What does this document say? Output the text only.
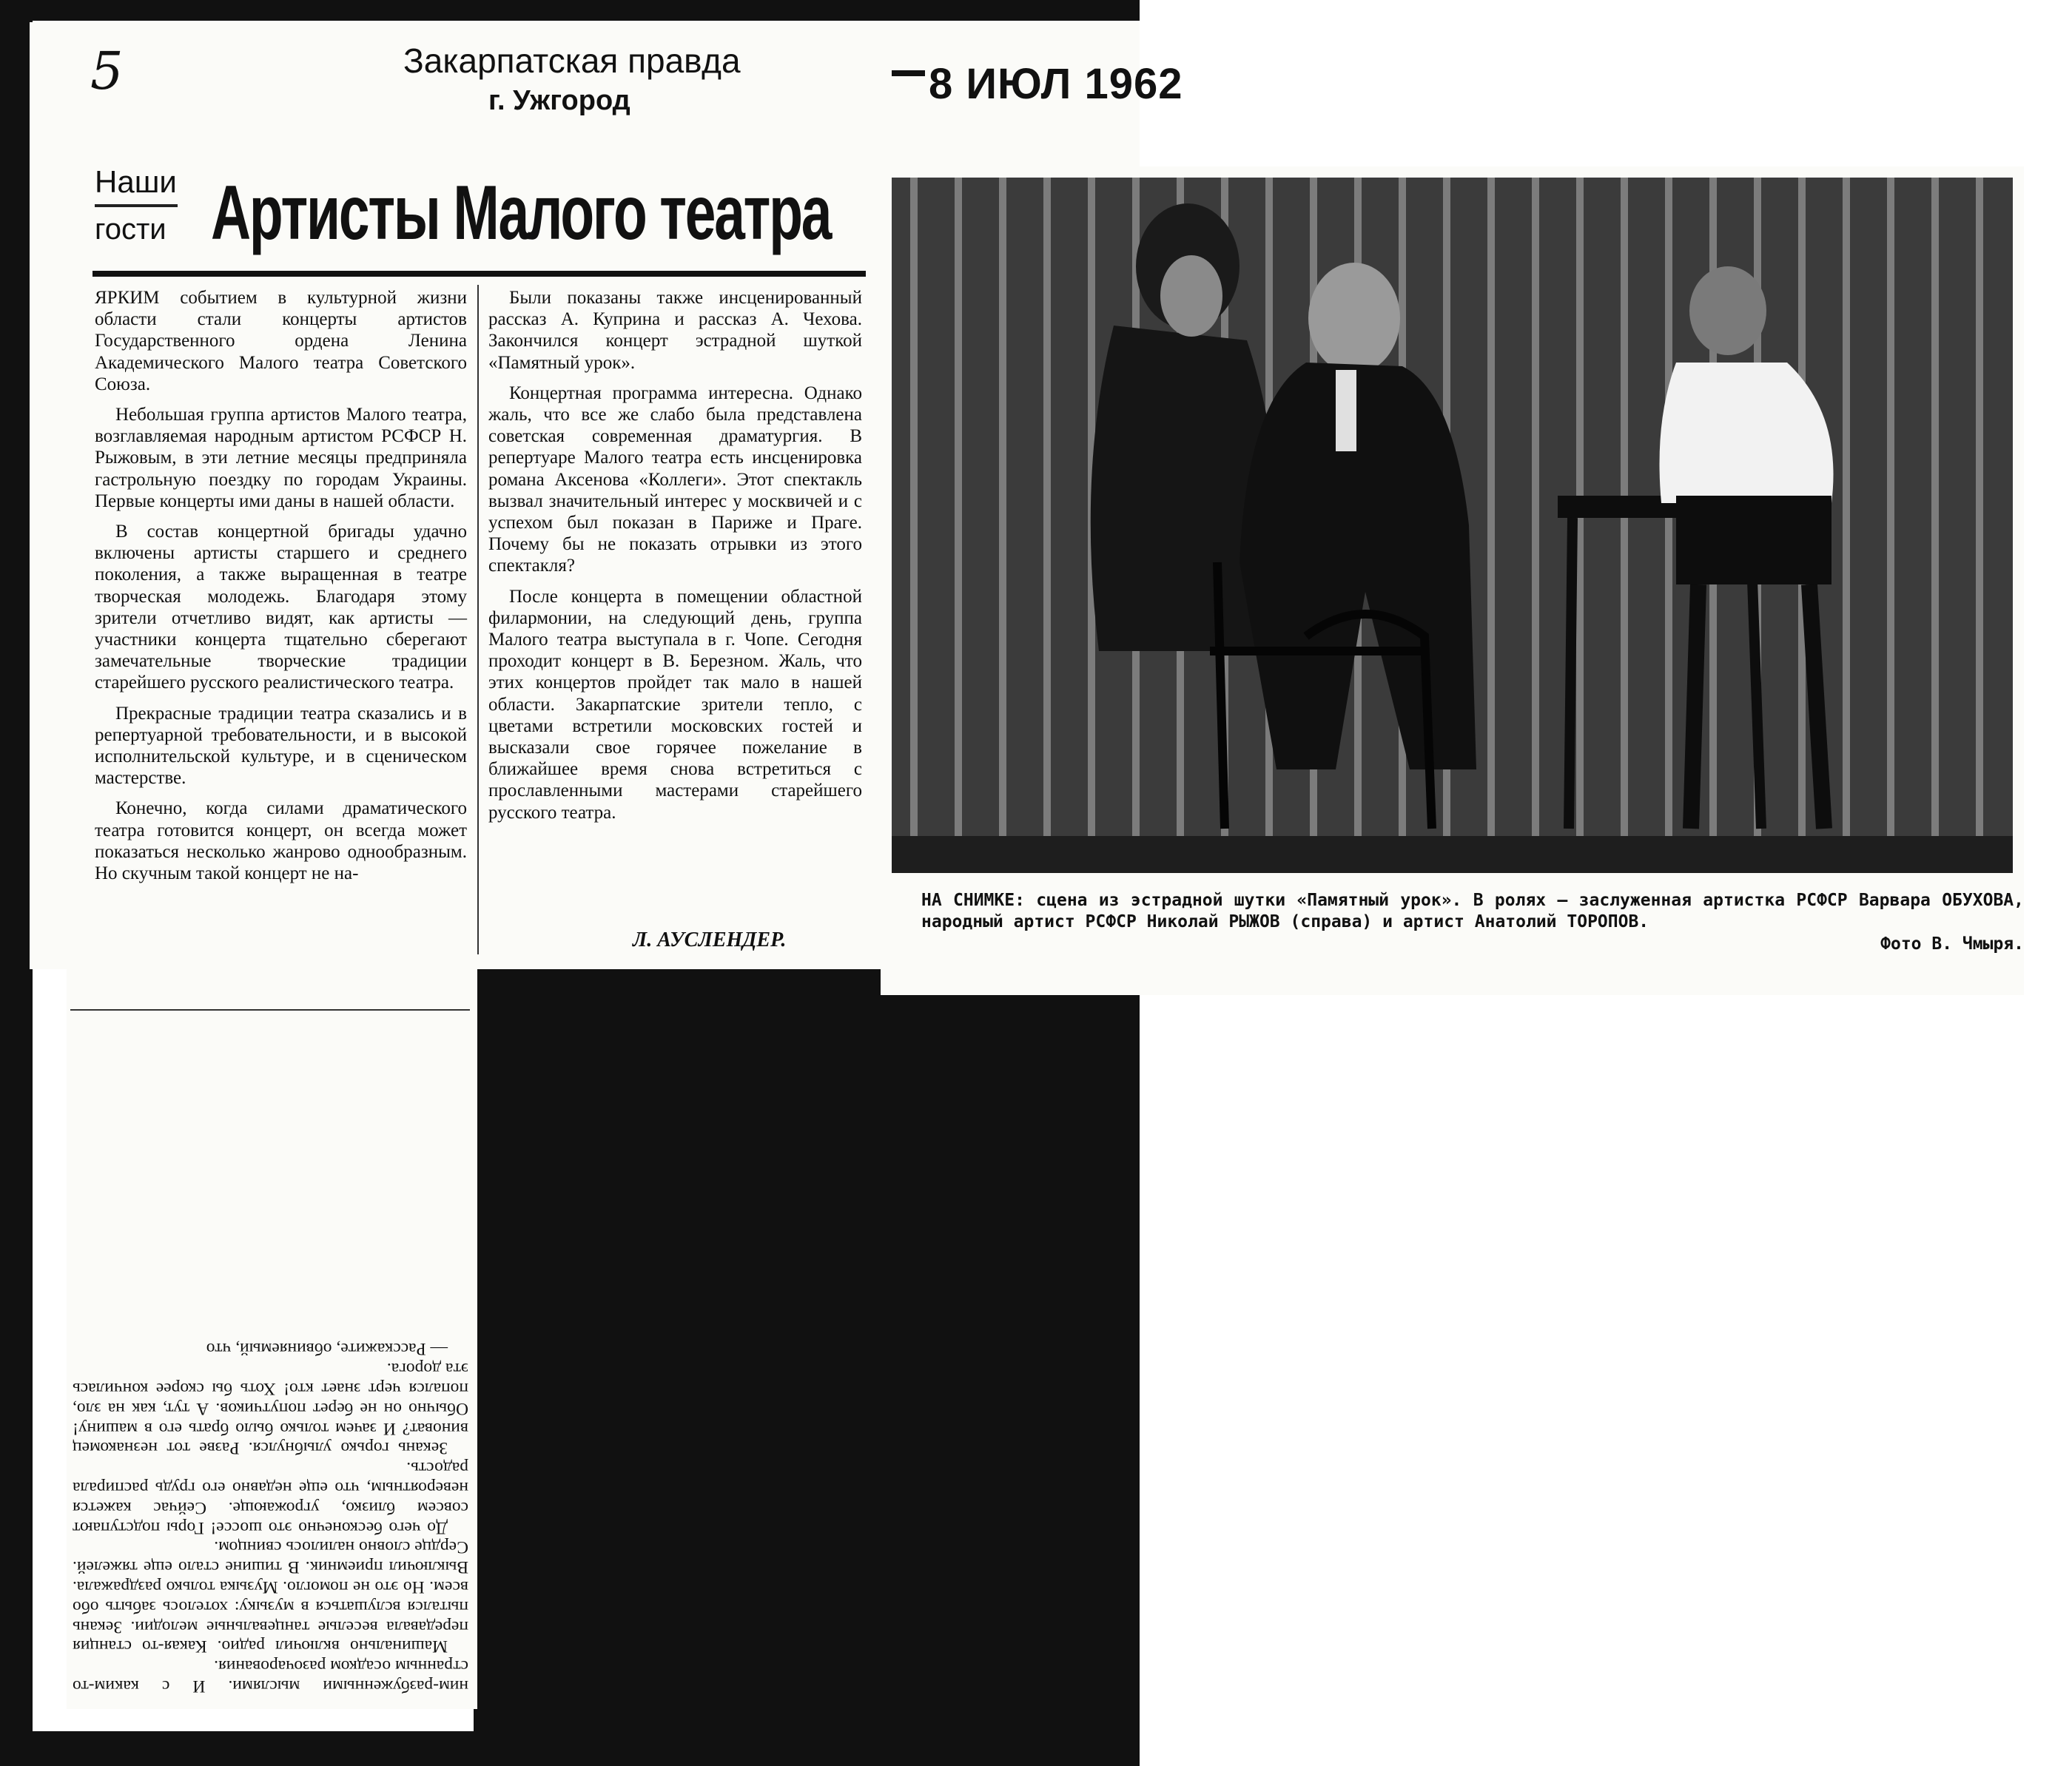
5	Закарпатская правда
г. Ужгород	8 ИЮЛ 1962
Наши
гости Артисты Малого театра

ЯРКИМ событием в культурной жизни области стали концерты артистов Государственного ордена Ленина Академического Малого театра Советского Союза.

Небольшая группа артистов Малого театра, возглавляемая народным артистом РСФСР Н. Рыжовым, в эти летние месяцы предприняла гастрольную поездку по городам Украины. Первые концерты ими даны в нашей области.

В состав концертной бригады удачно включены артисты старшего и среднего поколения, а также выращенная в театре творческая молодежь. Благодаря этому зрители отчетливо видят, как артисты — участники концерта тщательно сберегают замечательные творческие традиции старейшего русского реалистического театра.

Прекрасные традиции театра сказались и в репертуарной требовательности, и в высокой исполнительской культуре, и в сценическом мастерстве.

Конечно, когда силами драматического театра готовится концерт, он всегда может показаться несколько жанрово однообразным. Но скучным такой концерт не на-

Были показаны также инсценированный рассказ А. Куприна и рассказ А. Чехова. Закончился концерт эстрадной шуткой «Памятный урок».

Концертная программа интересна. Однако жаль, что все же слабо была представлена советская современная драматургия. В репертуаре Малого театра есть инсценировка романа Аксенова «Коллеги». Этот спектакль вызвал значительный интерес у москвичей и с успехом был показан в Париже и Праге. Почему бы не показать отрывки из этого спектакля?

После концерта в помещении областной филармонии, на следующий день, группа Малого театра выступала в г. Чопе. Сегодня проходит концерт в В. Березном. Жаль, что этих концертов пройдет так мало в нашей области. Закарпатские зрители тепло, с цветами встретили московских гостей и высказали свое горячее пожелание в ближайшее время снова встретиться с прославленными мастерами старейшего русского театра.

Л. АУСЛЕНДЕР.
НА СНИМКЕ: сцена из эстрадной шутки «Памятный урок». В ролях — заслуженная артистка РСФСР Варвара ОБУХОВА, народный артист РСФСР Николай РЫЖОВ (справа) и артист Анатолий ТОРОПОВ.
Фото В. Чмыря.

ним-разбуженными мыслями. И с каким-то странным осадком разочарования.

Машинально включил радио. Какая-то станция передавала веселые танцевальные мелодии. Зекань пытался вслушаться в музыку: хотелось забыть обо всем. Но это не помогло. Музыка только раздражала. Выключил приемник. В тишине стало еще тяжелей. Сердце словно налилось свинцом.

До чего бесконечно это шоссе! Горы подступают совсем близко, угрожающе. Сейчас кажется невероятным, что еще недавно его грудь распирала радость.

Зекань горько улыбнулся. Разве тот незнакомец виноват? И зачем только было брать его в машину! Обычно он не берет попутчиков. А тут, как на зло, попался черт знает кто! Хоть бы скорее кончилась эта дорога.

— Расскажите, обвиняемый, что
